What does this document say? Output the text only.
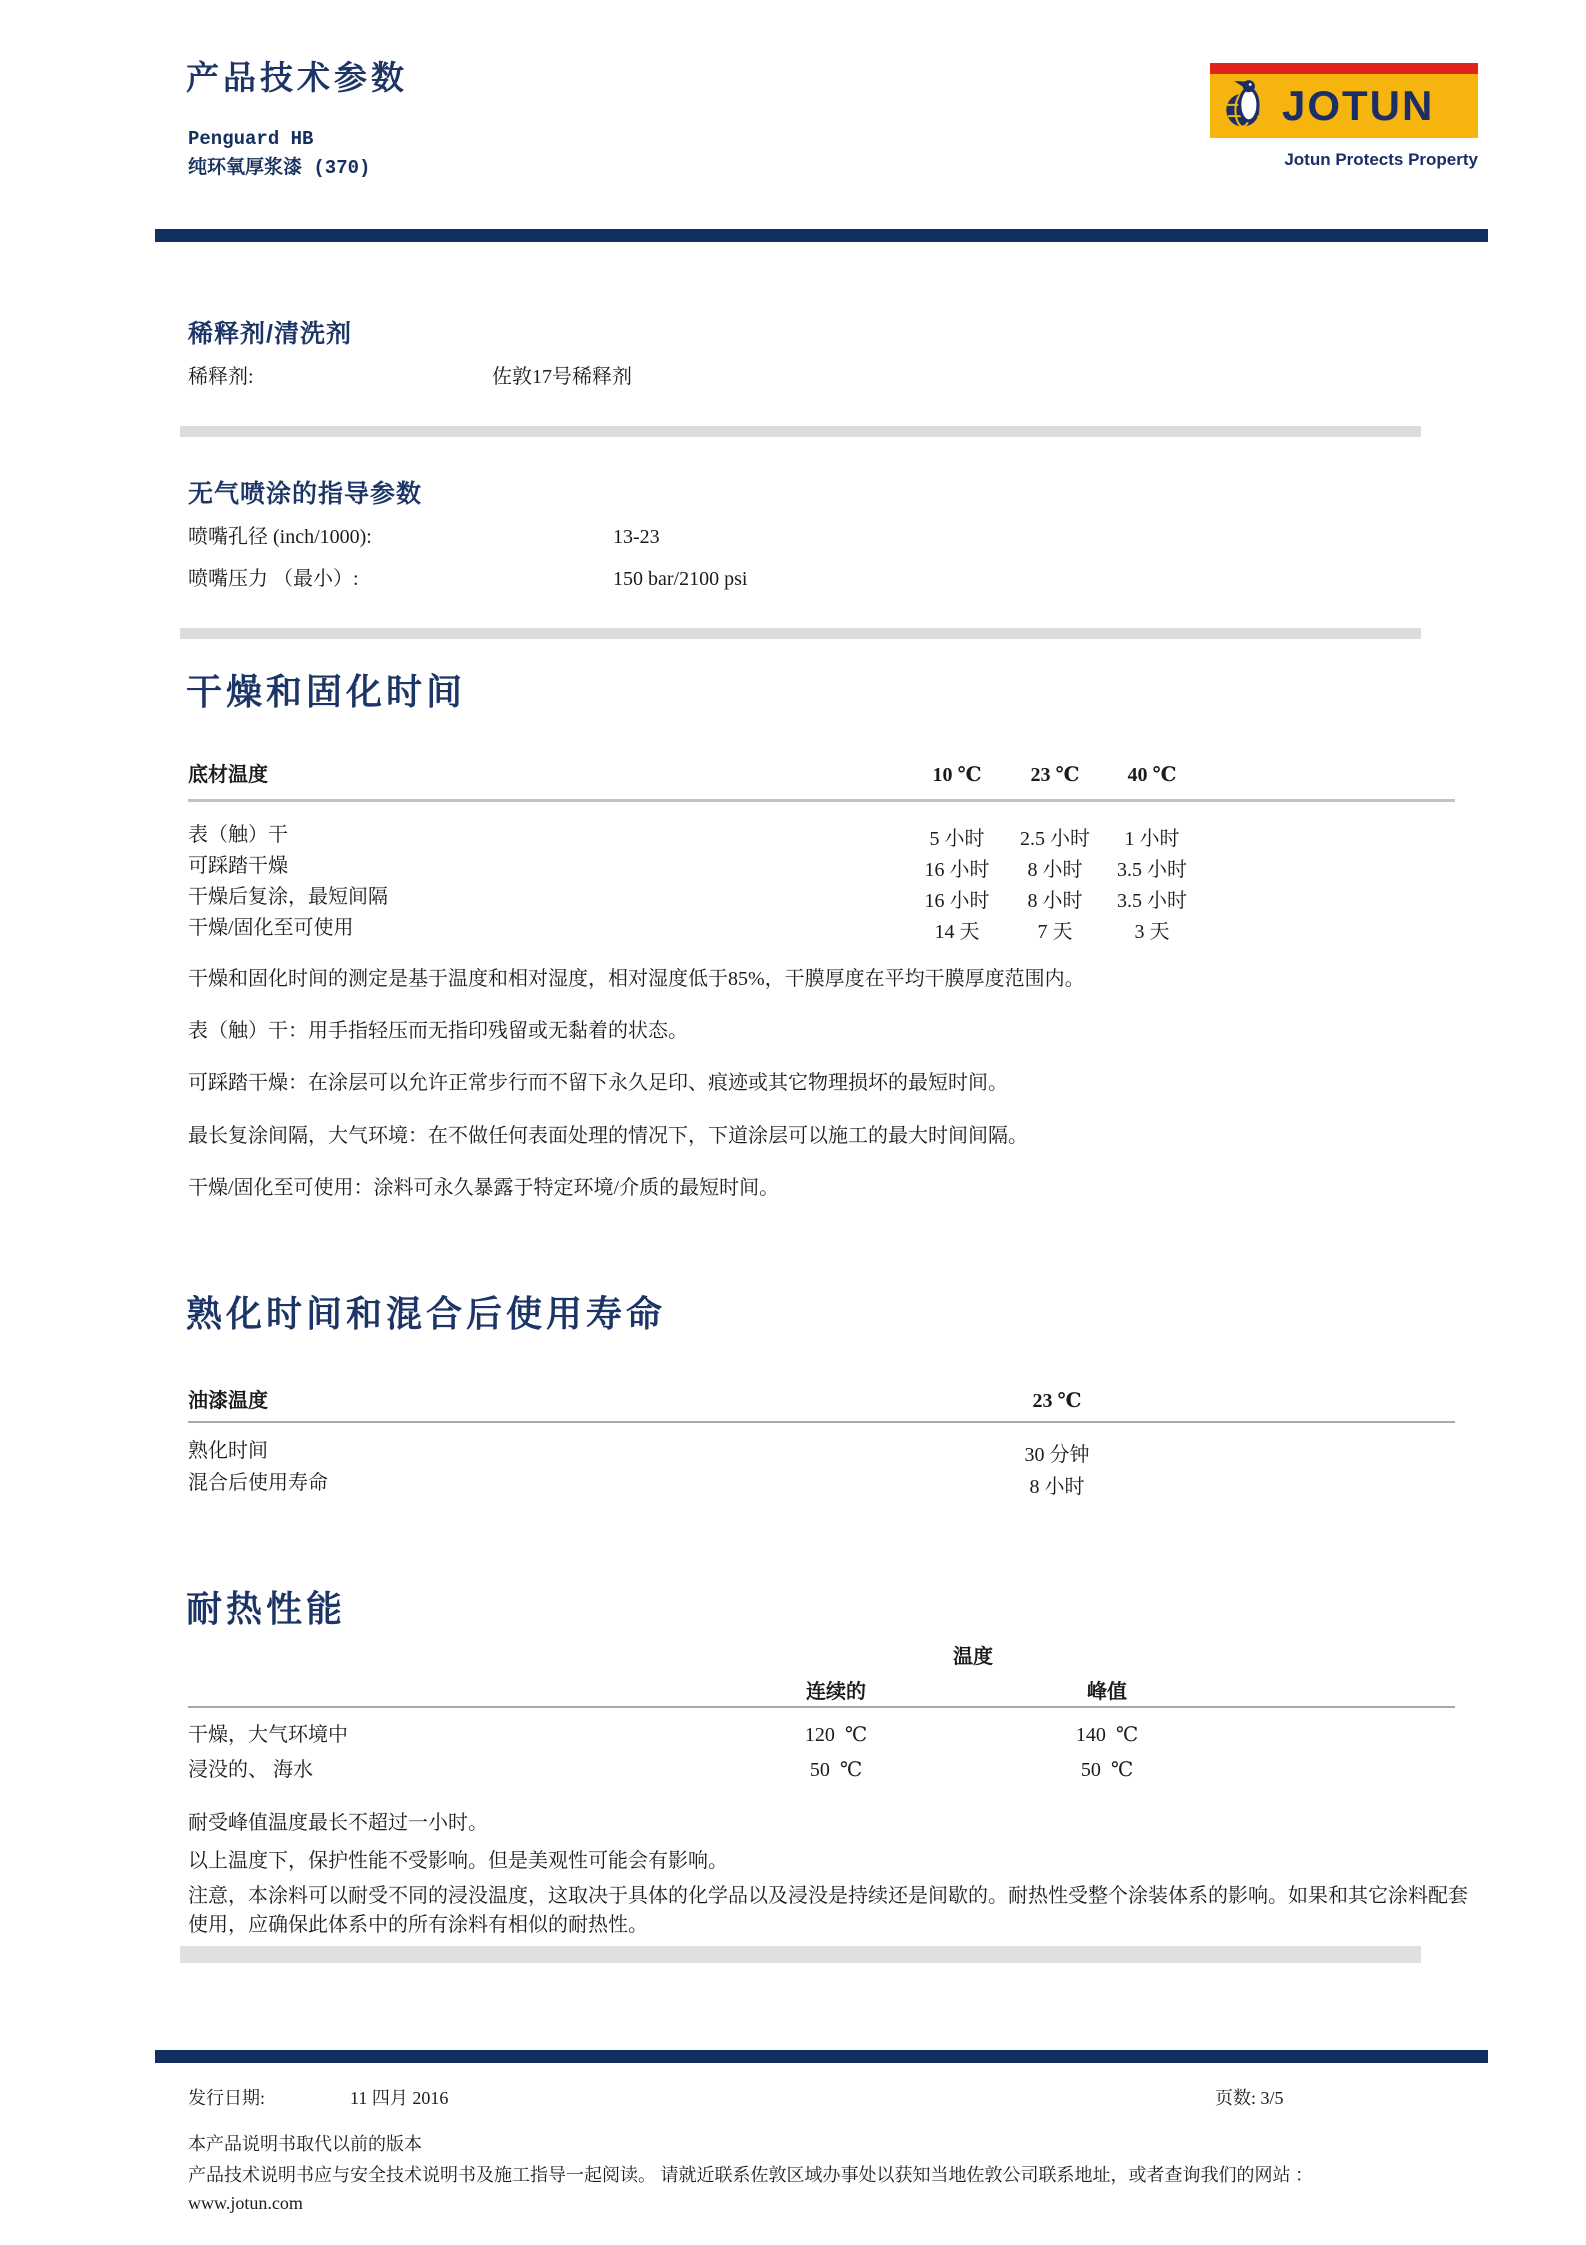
产品技术参数
Penguard HB
纯环氧厚浆漆 (370)
JOTUN
Jotun Protects Property
稀释剂/清洗剂
稀释剂:	佐敦17号稀释剂
无气喷涂的指导参数
喷嘴孔径 (inch/1000):	13-23
喷嘴压力 （最小）:	150 bar/2100 psi
干燥和固化时间
底材温度	10 ℃	23 ℃	40 ℃
表（触）干	5 小时	2.5 小时	1 小时
可踩踏干燥	16 小时	8 小时	3.5 小时
干燥后复涂，最短间隔	16 小时	8 小时	3.5 小时
干燥/固化至可使用	14 天	7 天	3 天
干燥和固化时间的测定是基于温度和相对湿度，相对湿度低于85%，干膜厚度在平均干膜厚度范围内。
表（触）干：用手指轻压而无指印残留或无黏着的状态。
可踩踏干燥：在涂层可以允许正常步行而不留下永久足印、痕迹或其它物理损坏的最短时间。
最长复涂间隔，大气环境：在不做任何表面处理的情况下，下道涂层可以施工的最大时间间隔。
干燥/固化至可使用：涂料可永久暴露于特定环境/介质的最短时间。
熟化时间和混合后使用寿命
油漆温度	23 ℃
熟化时间	30 分钟
混合后使用寿命	8 小时
耐热性能
温度
连续的	峰值
干燥，大气环境中	120  ℃	140  ℃
浸没的、 海水	50  ℃	50  ℃
耐受峰值温度最长不超过一小时。
以上温度下，保护性能不受影响。但是美观性可能会有影响。
注意，本涂料可以耐受不同的浸没温度，这取决于具体的化学品以及浸没是持续还是间歇的。耐热性受整个涂装体系的影响。如果和其它涂料配套使用，应确保此体系中的所有涂料有相似的耐热性。
发行日期:	11 四月 2016	页数: 3/5
本产品说明书取代以前的版本
产品技术说明书应与安全技术说明书及施工指导一起阅读。 请就近联系佐敦区域办事处以获知当地佐敦公司联系地址，或者查询我们的网站 ：
www.jotun.com
